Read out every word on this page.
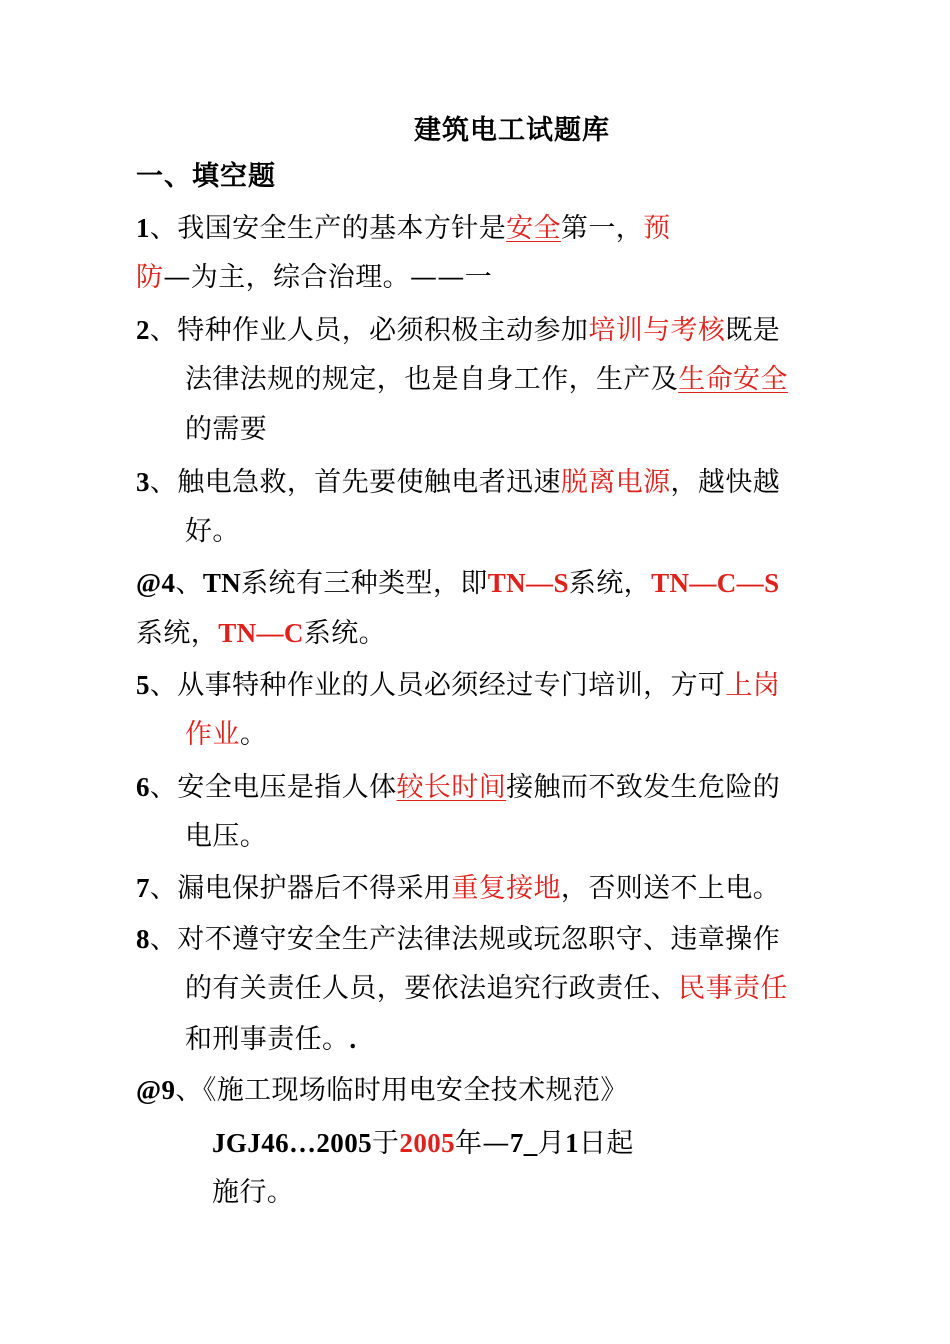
建筑电工试题库
一、填空题
1、我国安全生产的基本方针是安全第一，预
防—为主，综合治理。——一
2、特种作业人员，必须积极主动参加培训与考核既是
法律法规的规定，也是自身工作，生产及生命安全
的需要
3、触电急救，首先要使触电者迅速脱离电源，越快越
好。
@4、TN系统有三种类型，即TN—S系统，TN—C—S
系统，TN—C系统。
5、从事特种作业的人员必须经过专门培训，方可上岗
作业。
6、安全电压是指人体较长时间接触而不致发生危险的
电压。
7、漏电保护器后不得采用重复接地，否则送不上电。
8、对不遵守安全生产法律法规或玩忽职守、违章操作
的有关责任人员，要依法追究行政责任、民事责任
和刑事责任。.
@9、《施工现场临时用电安全技术规范》
JGJ46…2005于2005年—7_月1日起
施行。
